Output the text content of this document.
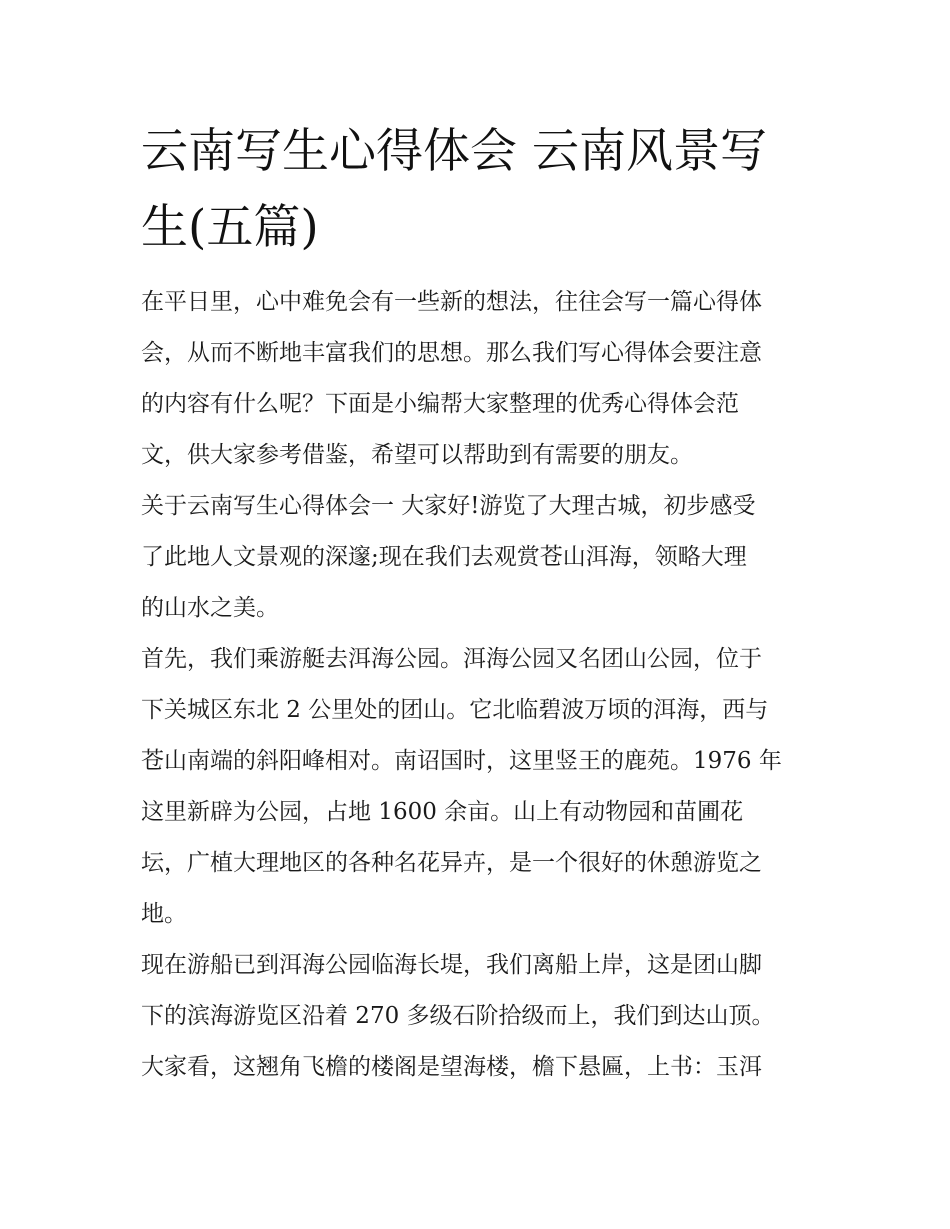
云南写生心得体会 云南风景写
生(五篇)
在平日里，心中难免会有一些新的想法，往往会写一篇心得体
会，从而不断地丰富我们的思想。那么我们写心得体会要注意
的内容有什么呢？下面是小编帮大家整理的优秀心得体会范
文，供大家参考借鉴，希望可以帮助到有需要的朋友。
关于云南写生心得体会一 大家好!游览了大理古城，初步感受
了此地人文景观的深邃;现在我们去观赏苍山洱海，领略大理
的山水之美。
首先，我们乘游艇去洱海公园。洱海公园又名团山公园，位于
下关城区东北 2 公里处的团山。它北临碧波万顷的洱海，西与
苍山南端的斜阳峰相对。南诏国时，这里竖王的鹿苑。1976 年
这里新辟为公园，占地 1600 余亩。山上有动物园和苗圃花
坛，广植大理地区的各种名花异卉，是一个很好的休憩游览之
地。
现在游船已到洱海公园临海长堤，我们离船上岸，这是团山脚
下的滨海游览区沿着 270 多级石阶拾级而上，我们到达山顶。
大家看，这翘角飞檐的楼阁是望海楼，檐下悬匾，上书：玉洱
